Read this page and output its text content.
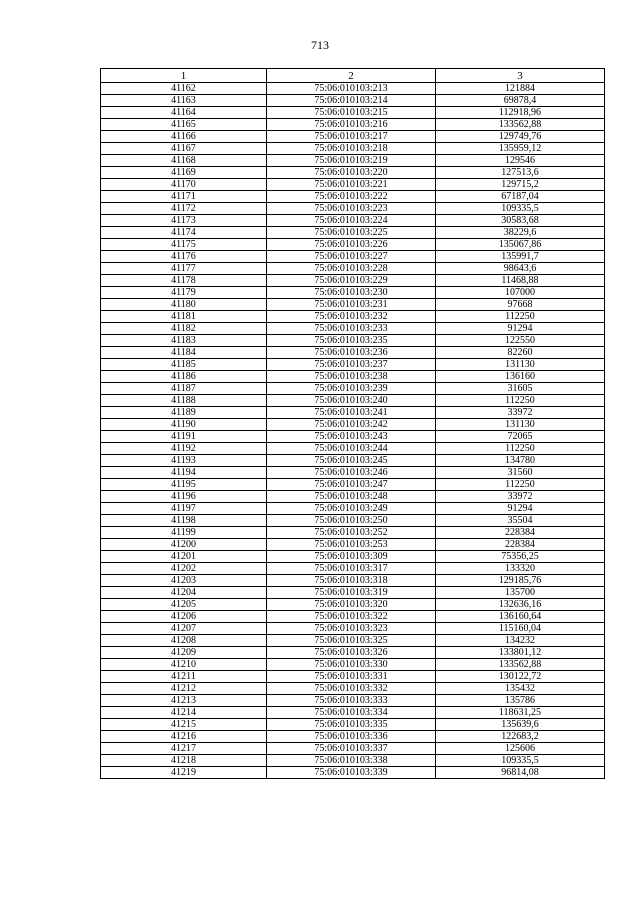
713
1	2	3
41162	75:06:010103:213	121884
41163	75:06:010103:214	69878,4
41164	75:06:010103:215	112918,96
41165	75:06:010103:216	133562,88
41166	75:06:010103:217	129749,76
41167	75:06:010103:218	135959,12
41168	75:06:010103:219	129546
41169	75:06:010103:220	127513,6
41170	75:06:010103:221	129715,2
41171	75:06:010103:222	67187,04
41172	75:06:010103:223	109335,5
41173	75:06:010103:224	30583,68
41174	75:06:010103:225	38229,6
41175	75:06:010103:226	135067,86
41176	75:06:010103:227	135991,7
41177	75:06:010103:228	98643,6
41178	75:06:010103:229	11468,88
41179	75:06:010103:230	107000
41180	75:06:010103:231	97668
41181	75:06:010103:232	112250
41182	75:06:010103:233	91294
41183	75:06:010103:235	122550
41184	75:06:010103:236	82260
41185	75:06:010103:237	131130
41186	75:06:010103:238	136160
41187	75:06:010103:239	31605
41188	75:06:010103:240	112250
41189	75:06:010103:241	33972
41190	75:06:010103:242	131130
41191	75:06:010103:243	72065
41192	75:06:010103:244	112250
41193	75:06:010103:245	134780
41194	75:06:010103:246	31560
41195	75:06:010103:247	112250
41196	75:06:010103:248	33972
41197	75:06:010103:249	91294
41198	75:06:010103:250	35504
41199	75:06:010103:252	228384
41200	75:06:010103:253	228384
41201	75:06:010103:309	75356,25
41202	75:06:010103:317	133320
41203	75:06:010103:318	129185,76
41204	75:06:010103:319	135700
41205	75:06:010103:320	132636,16
41206	75:06:010103:322	136160,64
41207	75:06:010103:323	115160,04
41208	75:06:010103:325	134232
41209	75:06:010103:326	133801,12
41210	75:06:010103:330	133562,88
41211	75:06:010103:331	130122,72
41212	75:06:010103:332	135432
41213	75:06:010103:333	135786
41214	75:06:010103:334	118631,25
41215	75:06:010103:335	135639,6
41216	75:06:010103:336	122683,2
41217	75:06:010103:337	125606
41218	75:06:010103:338	109335,5
41219	75:06:010103:339	96814,08
